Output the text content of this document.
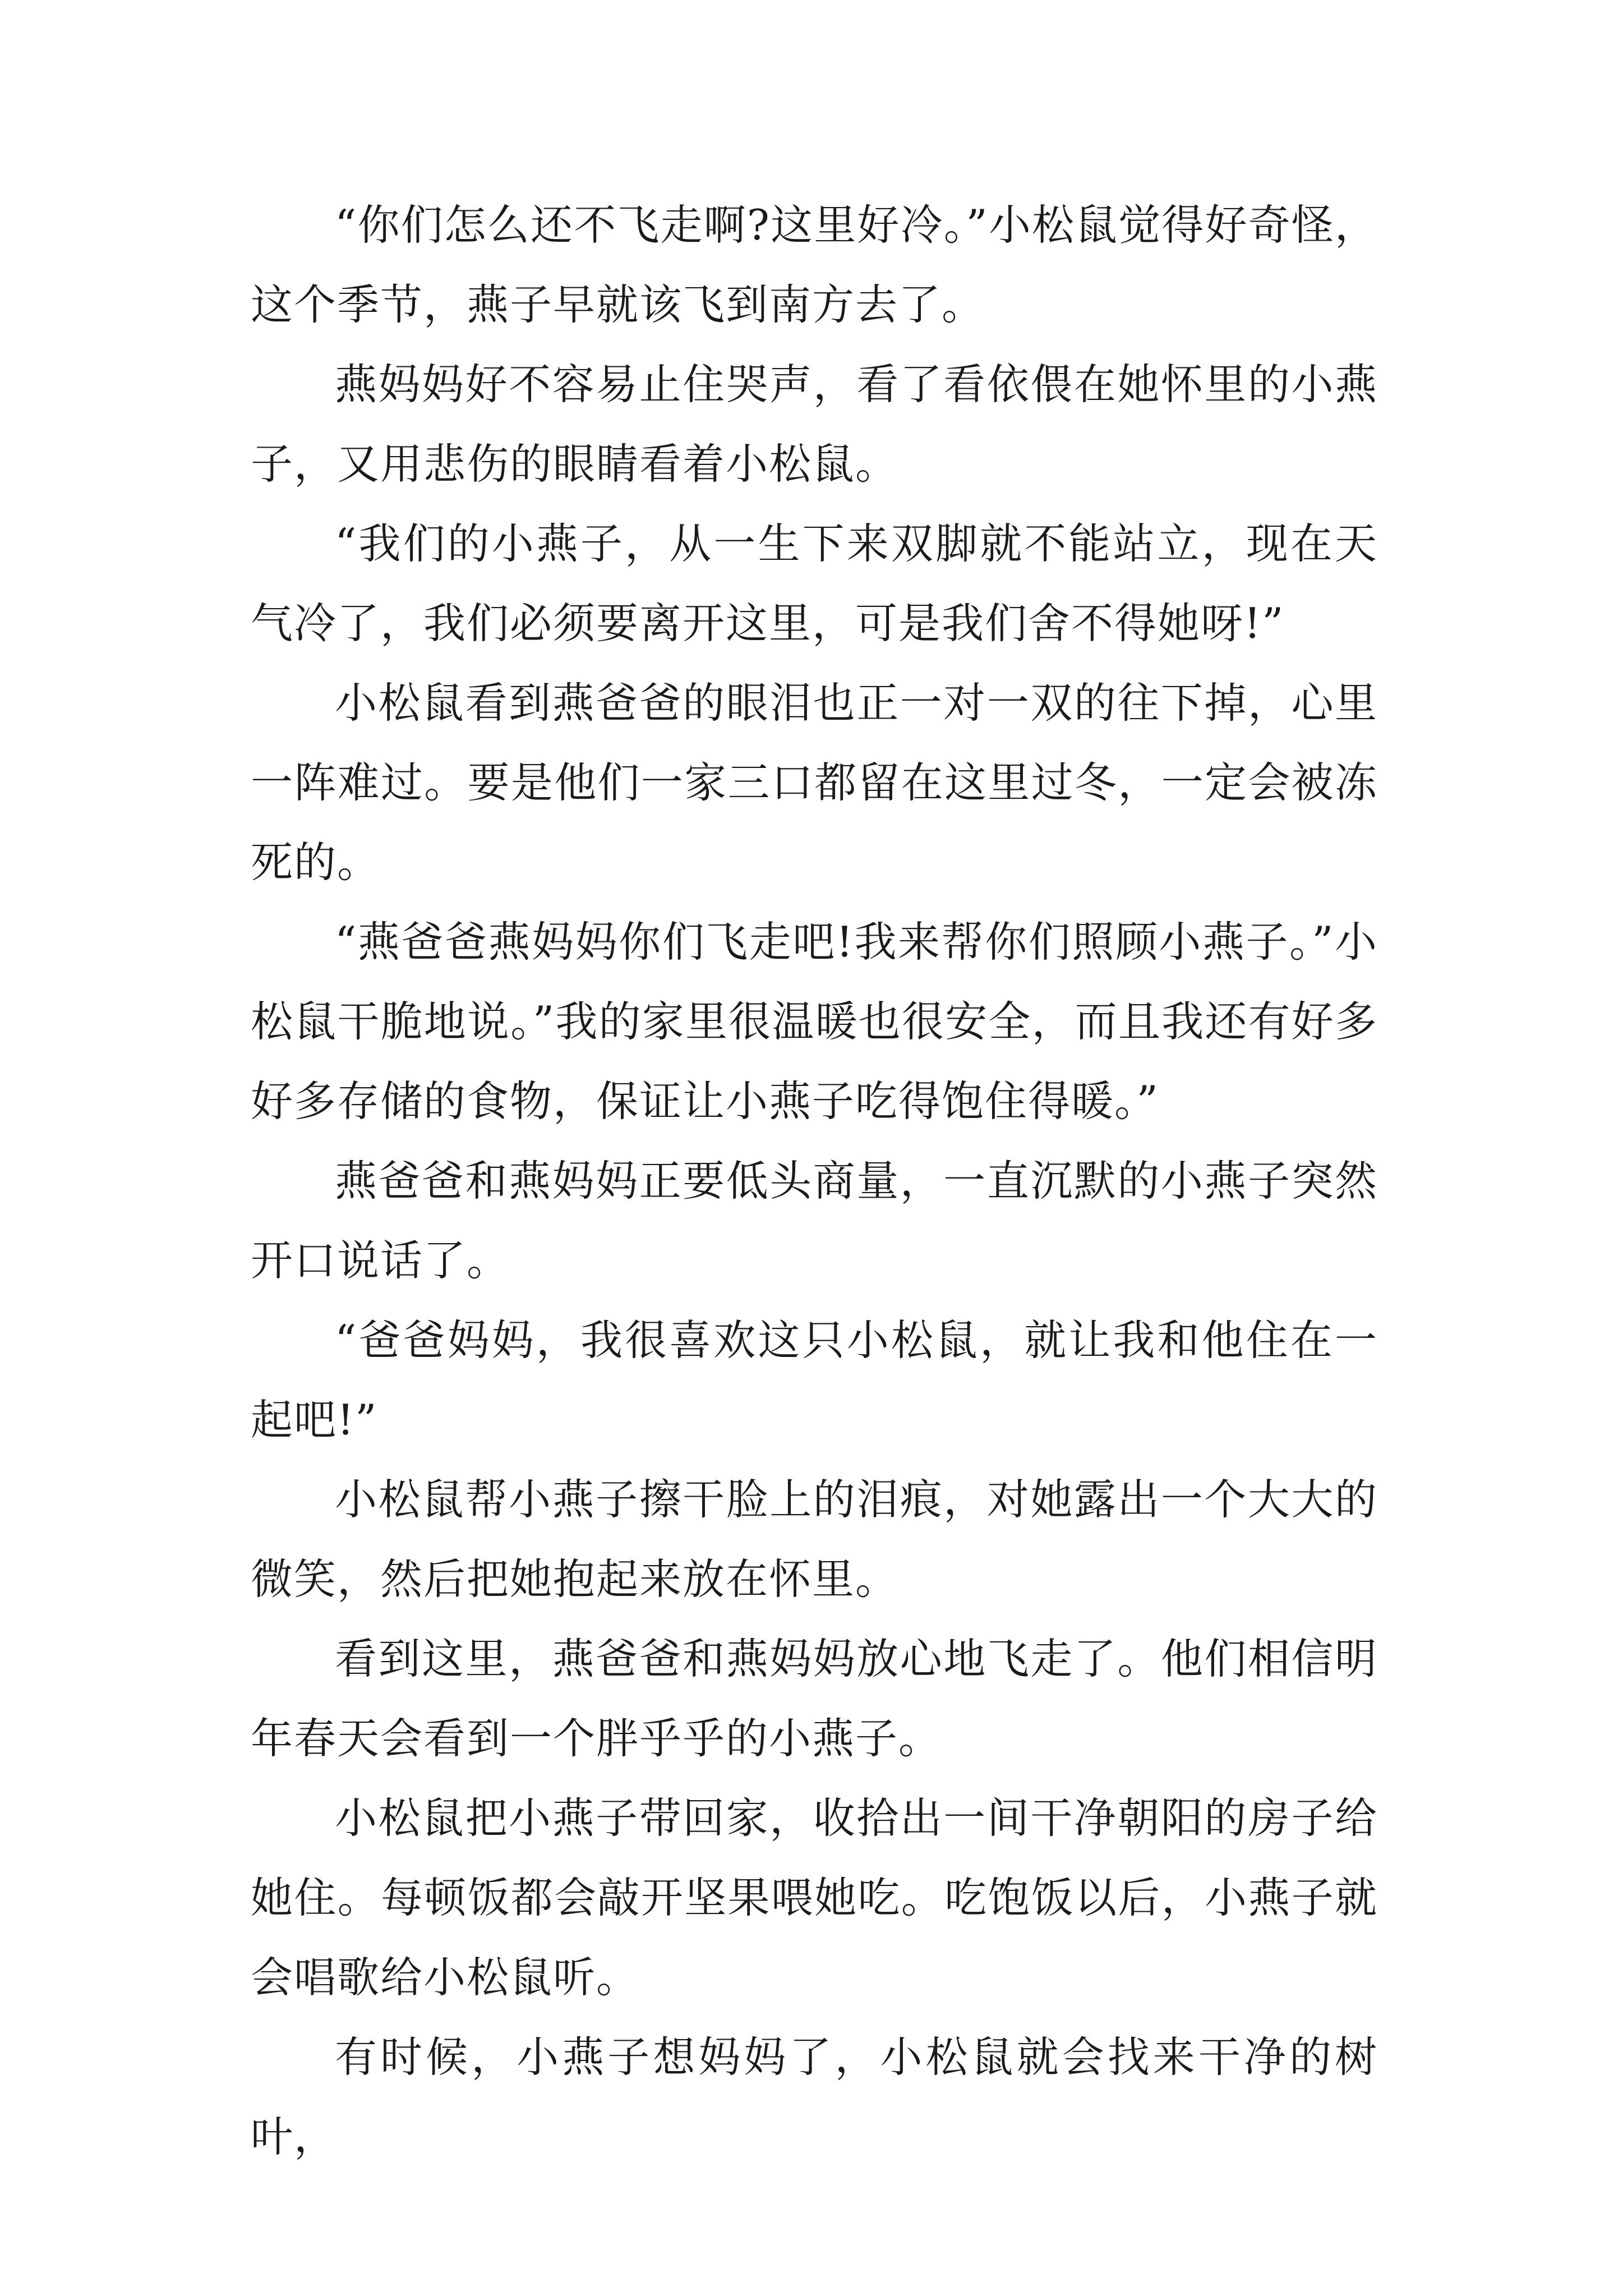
“你们怎么还不飞走啊?这里好冷。”小松鼠觉得好奇怪，这个季节，燕子早就该飞到南方去了。

燕妈妈好不容易止住哭声，看了看依偎在她怀里的小燕子，又用悲伤的眼睛看着小松鼠。

“我们的小燕子，从一生下来双脚就不能站立，现在天气冷了，我们必须要离开这里，可是我们舍不得她呀!”

小松鼠看到燕爸爸的眼泪也正一对一双的往下掉，心里一阵难过。要是他们一家三口都留在这里过冬，一定会被冻死的。

“燕爸爸燕妈妈你们飞走吧!我来帮你们照顾小燕子。”小松鼠干脆地说。”我的家里很温暖也很安全，而且我还有好多好多存储的食物，保证让小燕子吃得饱住得暖。”

燕爸爸和燕妈妈正要低头商量，一直沉默的小燕子突然开口说话了。

“爸爸妈妈，我很喜欢这只小松鼠，就让我和他住在一起吧!”

小松鼠帮小燕子擦干脸上的泪痕，对她露出一个大大的微笑，然后把她抱起来放在怀里。

看到这里，燕爸爸和燕妈妈放心地飞走了。他们相信明年春天会看到一个胖乎乎的小燕子。

小松鼠把小燕子带回家，收拾出一间干净朝阳的房子给她住。每顿饭都会敲开坚果喂她吃。吃饱饭以后，小燕子就会唱歌给小松鼠听。

有时候，小燕子想妈妈了，小松鼠就会找来干净的树叶，
